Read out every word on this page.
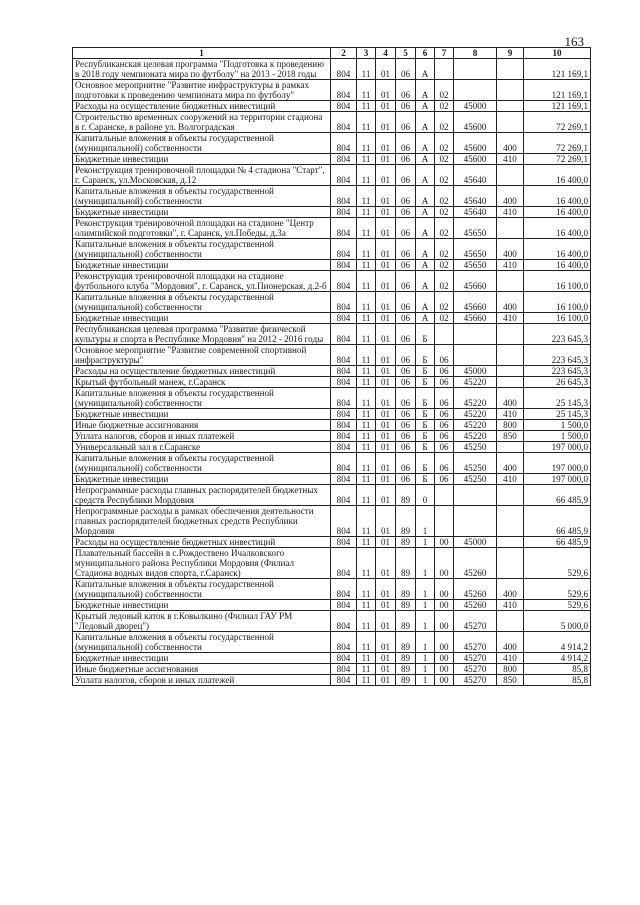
163
1	2	3	4	5	6	7	8	9	10
Республиканская целевая программа "Подготовка к проведению в 2018 году чемпионата мира по футболу" на 2013 - 2018 годы	804	11	01	06	А				121 169,1
Основное мероприятие "Развитие инфраструктуры в рамках подготовки к проведению чемпионата мира по футболу"	804	11	01	06	А	02			121 169,1
Расходы на осуществление бюджетных инвестиций	804	11	01	06	А	02	45000		121 169,1
Строительство временных сооружений на территории стадиона в г. Саранске, в районе ул. Волгоградская	804	11	01	06	А	02	45600		72 269,1
Капитальные вложения в объекты государственной (муниципальной) собственности	804	11	01	06	А	02	45600	400	72 269,1
Бюджетные инвестиции	804	11	01	06	А	02	45600	410	72 269,1
Реконструкция тренировочной площадки № 4 стадиона "Старт", г. Саранск, ул.Московская, д.12	804	11	01	06	А	02	45640		16 400,0
Капитальные вложения в объекты государственной (муниципальной) собственности	804	11	01	06	А	02	45640	400	16 400,0
Бюджетные инвестиции	804	11	01	06	А	02	45640	410	16 400,0
Реконструкция тренировочной площадки на стадионе "Центр олимпийской подготовки", г. Саранск, ул.Победы, д.3а	804	11	01	06	А	02	45650		16 400,0
Капитальные вложения в объекты государственной (муниципальной) собственности	804	11	01	06	А	02	45650	400	16 400,0
Бюджетные инвестиции	804	11	01	06	А	02	45650	410	16 400,0
Реконструкция тренировочной площадки на стадионе футбольного клуба "Мордовия", г. Саранск, ул.Пионерская, д.2-б	804	11	01	06	А	02	45660		16 100,0
Капитальные вложения в объекты государственной (муниципальной) собственности	804	11	01	06	А	02	45660	400	16 100,0
Бюджетные инвестиции	804	11	01	06	А	02	45660	410	16 100,0
Республиканская целевая программа "Развитие физической культуры и спорта в Республике Мордовия" на 2012 - 2016 годы	804	11	01	06	Б				223 645,3
Основное мероприятие "Развитие современной спортивной инфраструктуры"	804	11	01	06	Б	06			223 645,3
Расходы на осуществление бюджетных инвестиций	804	11	01	06	Б	06	45000		223 645,3
Крытый футбольный манеж, г.Саранск	804	11	01	06	Б	06	45220		26 645,3
Капитальные вложения в объекты государственной (муниципальной) собственности	804	11	01	06	Б	06	45220	400	25 145,3
Бюджетные инвестиции	804	11	01	06	Б	06	45220	410	25 145,3
Иные бюджетные ассигнования	804	11	01	06	Б	06	45220	800	1 500,0
Уплата налогов, сборов и иных платежей	804	11	01	06	Б	06	45220	850	1 500,0
Универсальный зал в г.Саранске	804	11	01	06	Б	06	45250		197 000,0
Капитальные вложения в объекты государственной (муниципальной) собственности	804	11	01	06	Б	06	45250	400	197 000,0
Бюджетные инвестиции	804	11	01	06	Б	06	45250	410	197 000,0
Непрограммные расходы главных распорядителей бюджетных средств Республики Мордовия	804	11	01	89	0				66 485,9
Непрограммные расходы в рамках обеспечения деятельности главных распорядителей бюджетных средств Республики Мордовия	804	11	01	89	1				66 485,9
Расходы на осуществление бюджетных инвестиций	804	11	01	89	1	00	45000		66 485,9
Плавательный бассейн в с.Рождествено Ичалковского муниципального района Республики Мордовия (Филиал Стадиона водных видов спорта, г.Саранск)	804	11	01	89	1	00	45260		529,6
Капитальные вложения в объекты государственной (муниципальной) собственности	804	11	01	89	1	00	45260	400	529,6
Бюджетные инвестиции	804	11	01	89	1	00	45260	410	529,6
Крытый ледовый каток в г.Ковылкино (Филиал ГАУ РМ "Ледовый дворец")	804	11	01	89	1	00	45270		5 000,0
Капитальные вложения в объекты государственной (муниципальной) собственности	804	11	01	89	1	00	45270	400	4 914,2
Бюджетные инвестиции	804	11	01	89	1	00	45270	410	4 914,2
Иные бюджетные ассигнования	804	11	01	89	1	00	45270	800	85,8
Уплата налогов, сборов и иных платежей	804	11	01	89	1	00	45270	850	85,8
